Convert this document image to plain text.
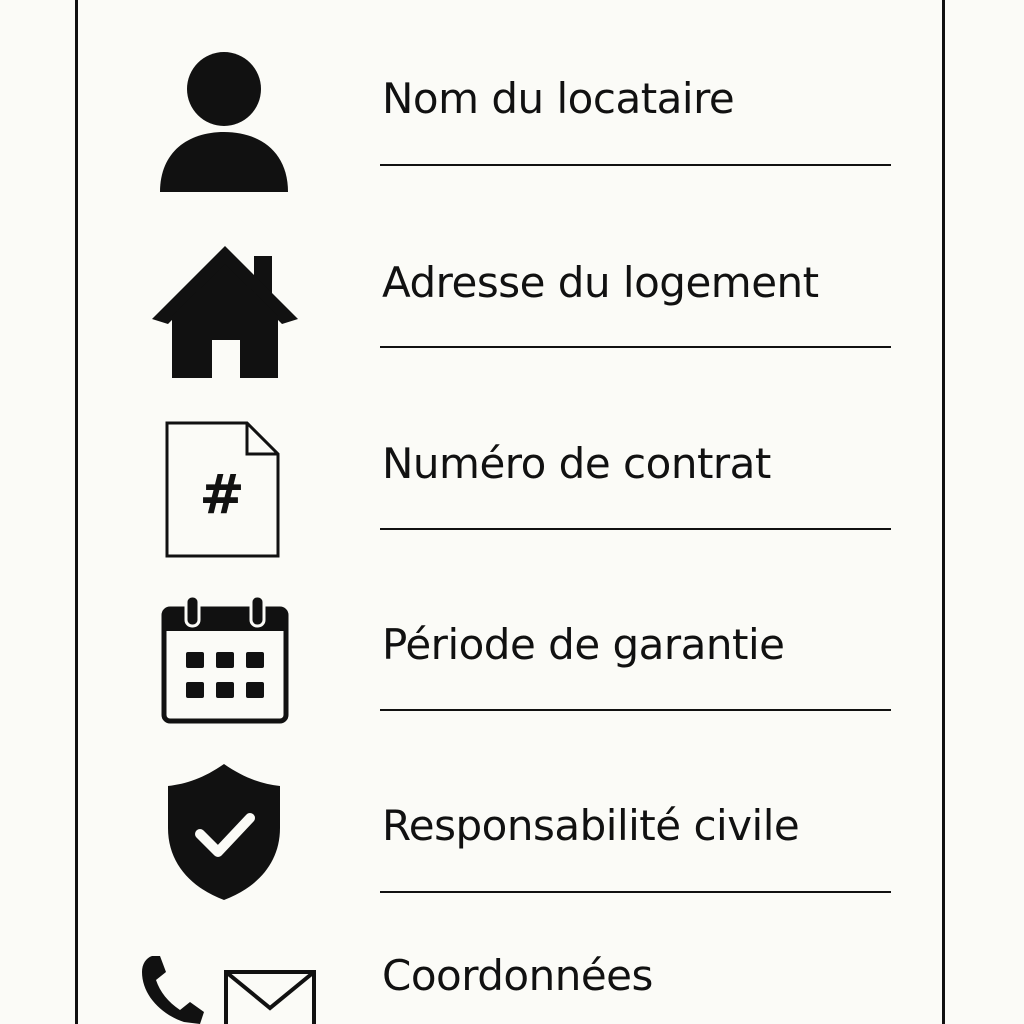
Nom du locataire
Adresse du logement
#	Numéro de contrat
Période de garantie
Responsabilité civile
Coordonnées
